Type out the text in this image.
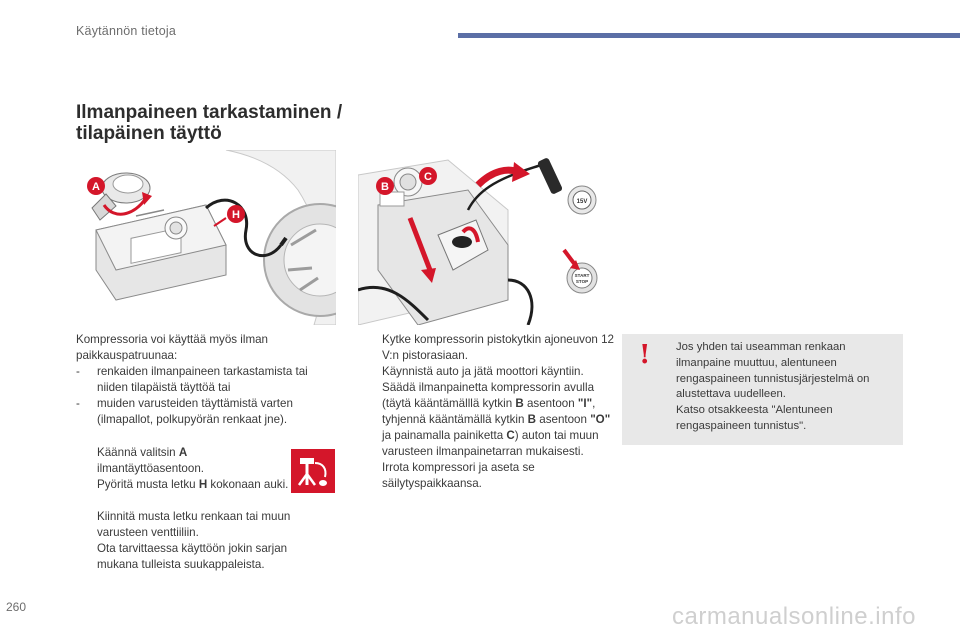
Käytännön tietoja
Ilmanpaineen tarkastaminen /
tilapäinen täyttö
A
H
15V
START
STOP
B
C

Kompressoria voi käyttää myös ilman paikkauspatruunaa:

- renkaiden ilmanpaineen tarkastamista tai niiden tilapäistä täyttöä tai
- muiden varusteiden täyttämistä varten (ilmapallot, polkupyörän renkaat jne).
Käännä valitsin A ilmantäyttöasentoon.
Pyöritä musta letku H kokonaan auki.
Kiinnitä musta letku renkaan tai muun varusteen venttiiliin.
Ota tarvittaessa käyttöön jokin sarjan mukana tulleista suukappaleista.
Kytke kompressorin pistokytkin ajoneuvon 12 V:n pistorasiaan.
Käynnistä auto ja jätä moottori käyntiin.
Säädä ilmanpainetta kompressorin avulla (täytä kääntämälllä kytkin B asentoon "I", tyhjennä kääntämällä kytkin B asentoon "O" ja painamalla painiketta C) auton tai muun varusteen ilmanpainetarran mukaisesti.
Irrota kompressori ja aseta se säilytyspaikkaansa.
! Jos yhden tai useamman renkaan ilmanpaine muuttuu, alentuneen rengaspaineen tunnistusjärjestelmä on alustettava uudelleen.
Katso otsakkeesta "Alentuneen rengaspaineen tunnistus".
260	carmanualsonline.info
